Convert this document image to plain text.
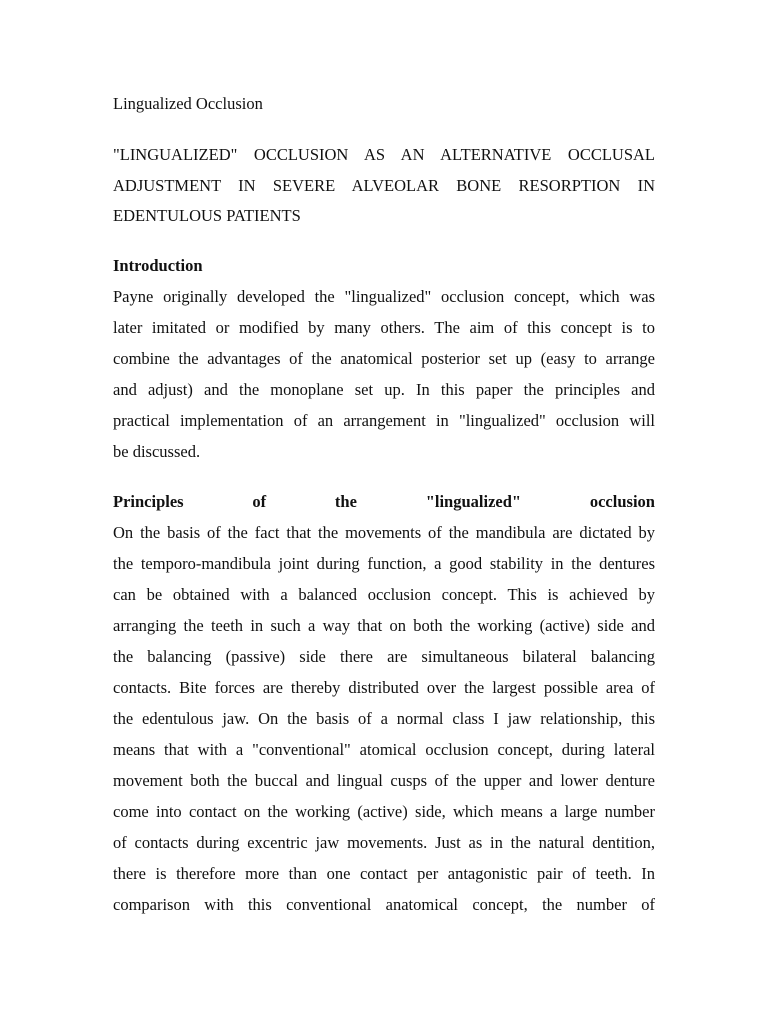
Lingualized Occlusion
"LINGUALIZED" OCCLUSION AS AN ALTERNATIVE OCCLUSAL
ADJUSTMENT IN SEVERE ALVEOLAR BONE RESORPTION IN
EDENTULOUS PATIENTS
Introduction
Payne originally developed the "lingualized" occlusion concept, which was
later imitated or modified by many others. The aim of this concept is to
combine the advantages of the anatomical posterior set up (easy to arrange
and adjust) and the monoplane set up. In this paper the principles and
practical implementation of an arrangement in "lingualized" occlusion will
be discussed.
Principles	of	the	"lingualized"	occlusion
On the basis of the fact that the movements of the mandibula are dictated by
the temporo-mandibula joint during function, a good stability in the dentures
can be obtained with a balanced occlusion concept. This is achieved by
arranging the teeth in such a way that on both the working (active) side and
the balancing (passive) side there are simultaneous bilateral balancing
contacts. Bite forces are thereby distributed over the largest possible area of
the edentulous jaw. On the basis of a normal class I jaw relationship, this
means that with a "conventional" atomical occlusion concept, during lateral
movement both the buccal and lingual cusps of the upper and lower denture
come into contact on the working (active) side, which means a large number
of contacts during excentric jaw movements. Just as in the natural dentition,
there is therefore more than one contact per antagonistic pair of teeth. In
comparison with this conventional anatomical concept, the number of
